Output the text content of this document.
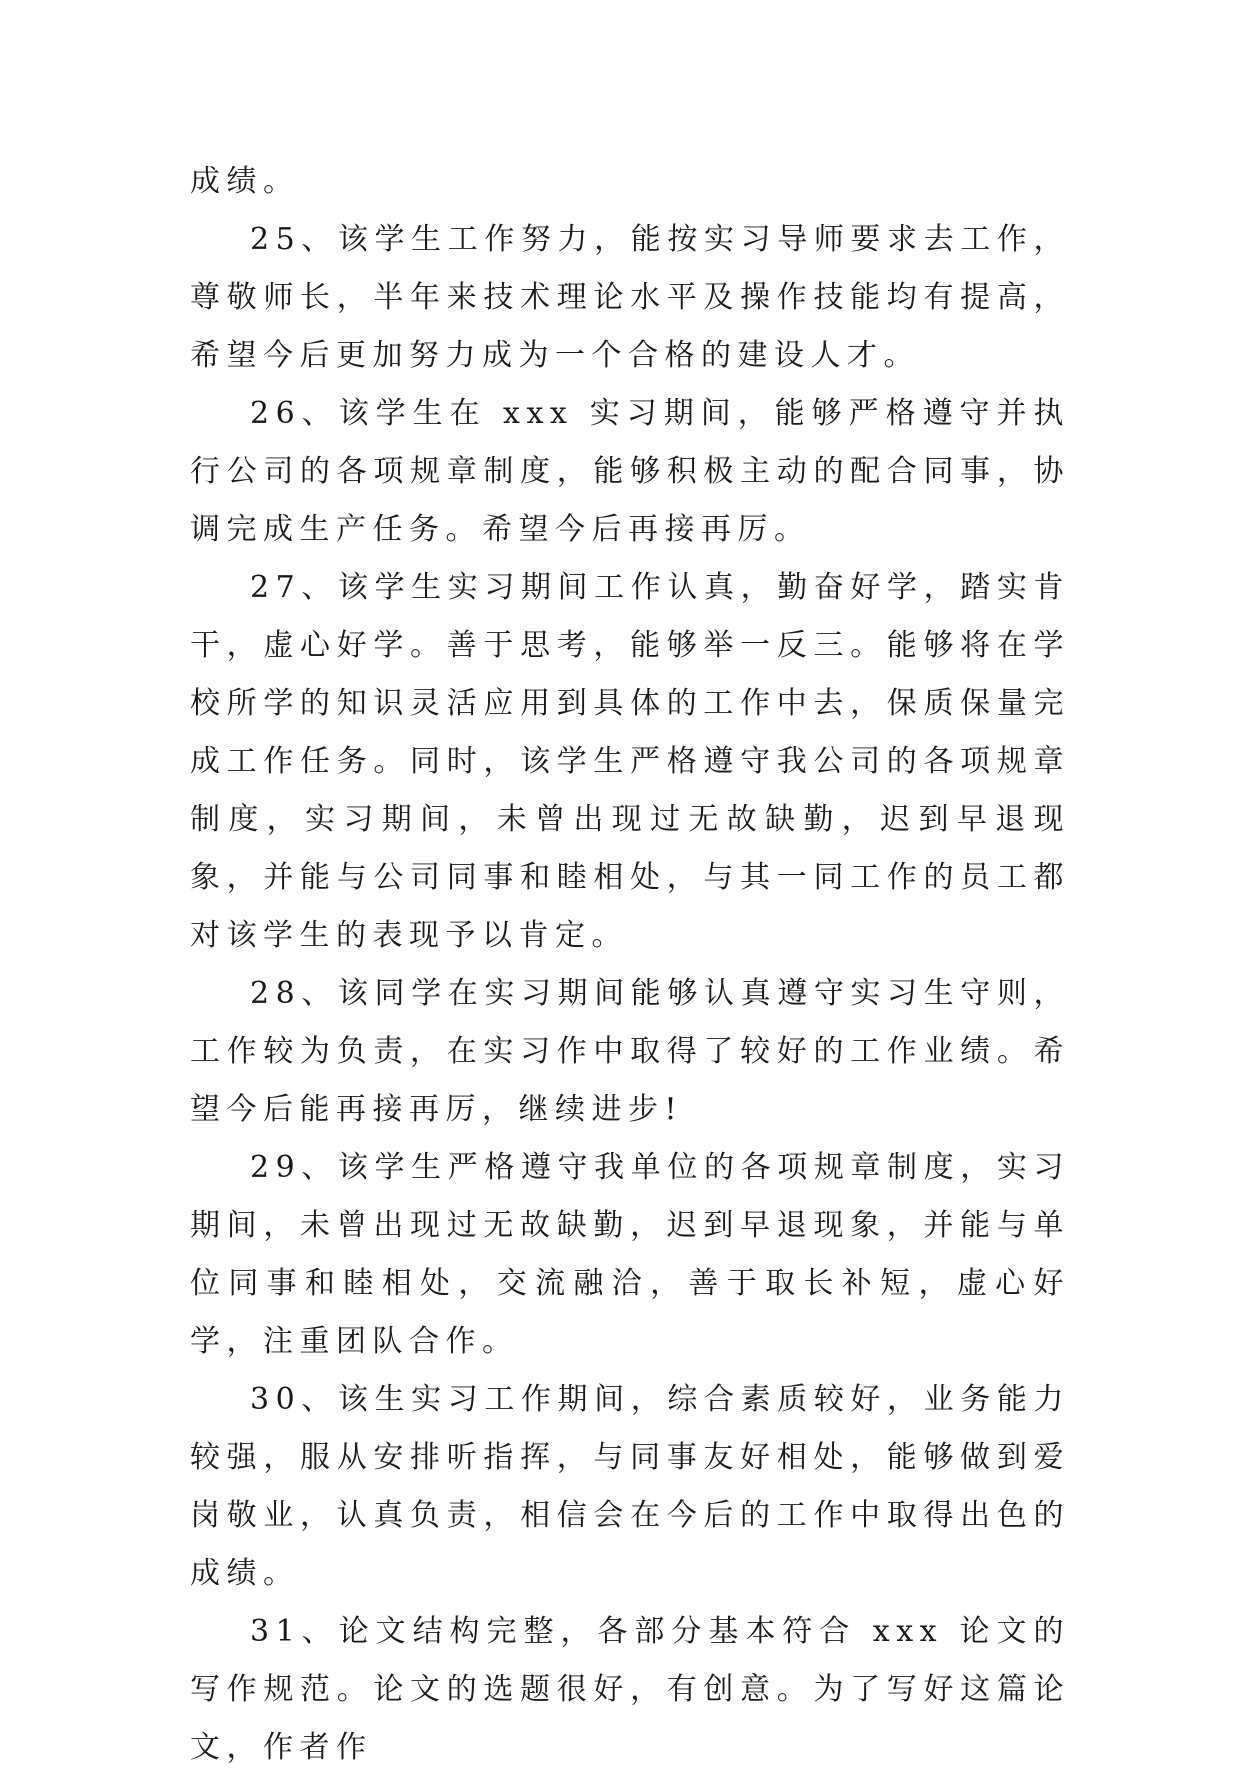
成绩。

25、该学生工作努力，能按实习导师要求去工作，尊敬师长，半年来技术理论水平及操作技能均有提高，希望今后更加努力成为一个合格的建设人才。

26、该学生在 xxx 实习期间，能够严格遵守并执行公司的各项规章制度，能够积极主动的配合同事，协调完成生产任务。希望今后再接再厉。

27、该学生实习期间工作认真，勤奋好学，踏实肯干，虚心好学。善于思考，能够举一反三。能够将在学校所学的知识灵活应用到具体的工作中去，保质保量完成工作任务。同时，该学生严格遵守我公司的各项规章制度，实习期间，未曾出现过无故缺勤，迟到早退现象，并能与公司同事和睦相处，与其一同工作的员工都对该学生的表现予以肯定。

28、该同学在实习期间能够认真遵守实习生守则，工作较为负责，在实习作中取得了较好的工作业绩。希望今后能再接再厉，继续进步!

29、该学生严格遵守我单位的各项规章制度，实习期间，未曾出现过无故缺勤，迟到早退现象，并能与单位同事和睦相处，交流融洽，善于取长补短，虚心好学，注重团队合作。

30、该生实习工作期间，综合素质较好，业务能力较强，服从安排听指挥，与同事友好相处，能够做到爱岗敬业，认真负责，相信会在今后的工作中取得出色的成绩。

31、论文结构完整，各部分基本符合 xxx 论文的写作规范。论文的选题很好，有创意。为了写好这篇论文，作者作
